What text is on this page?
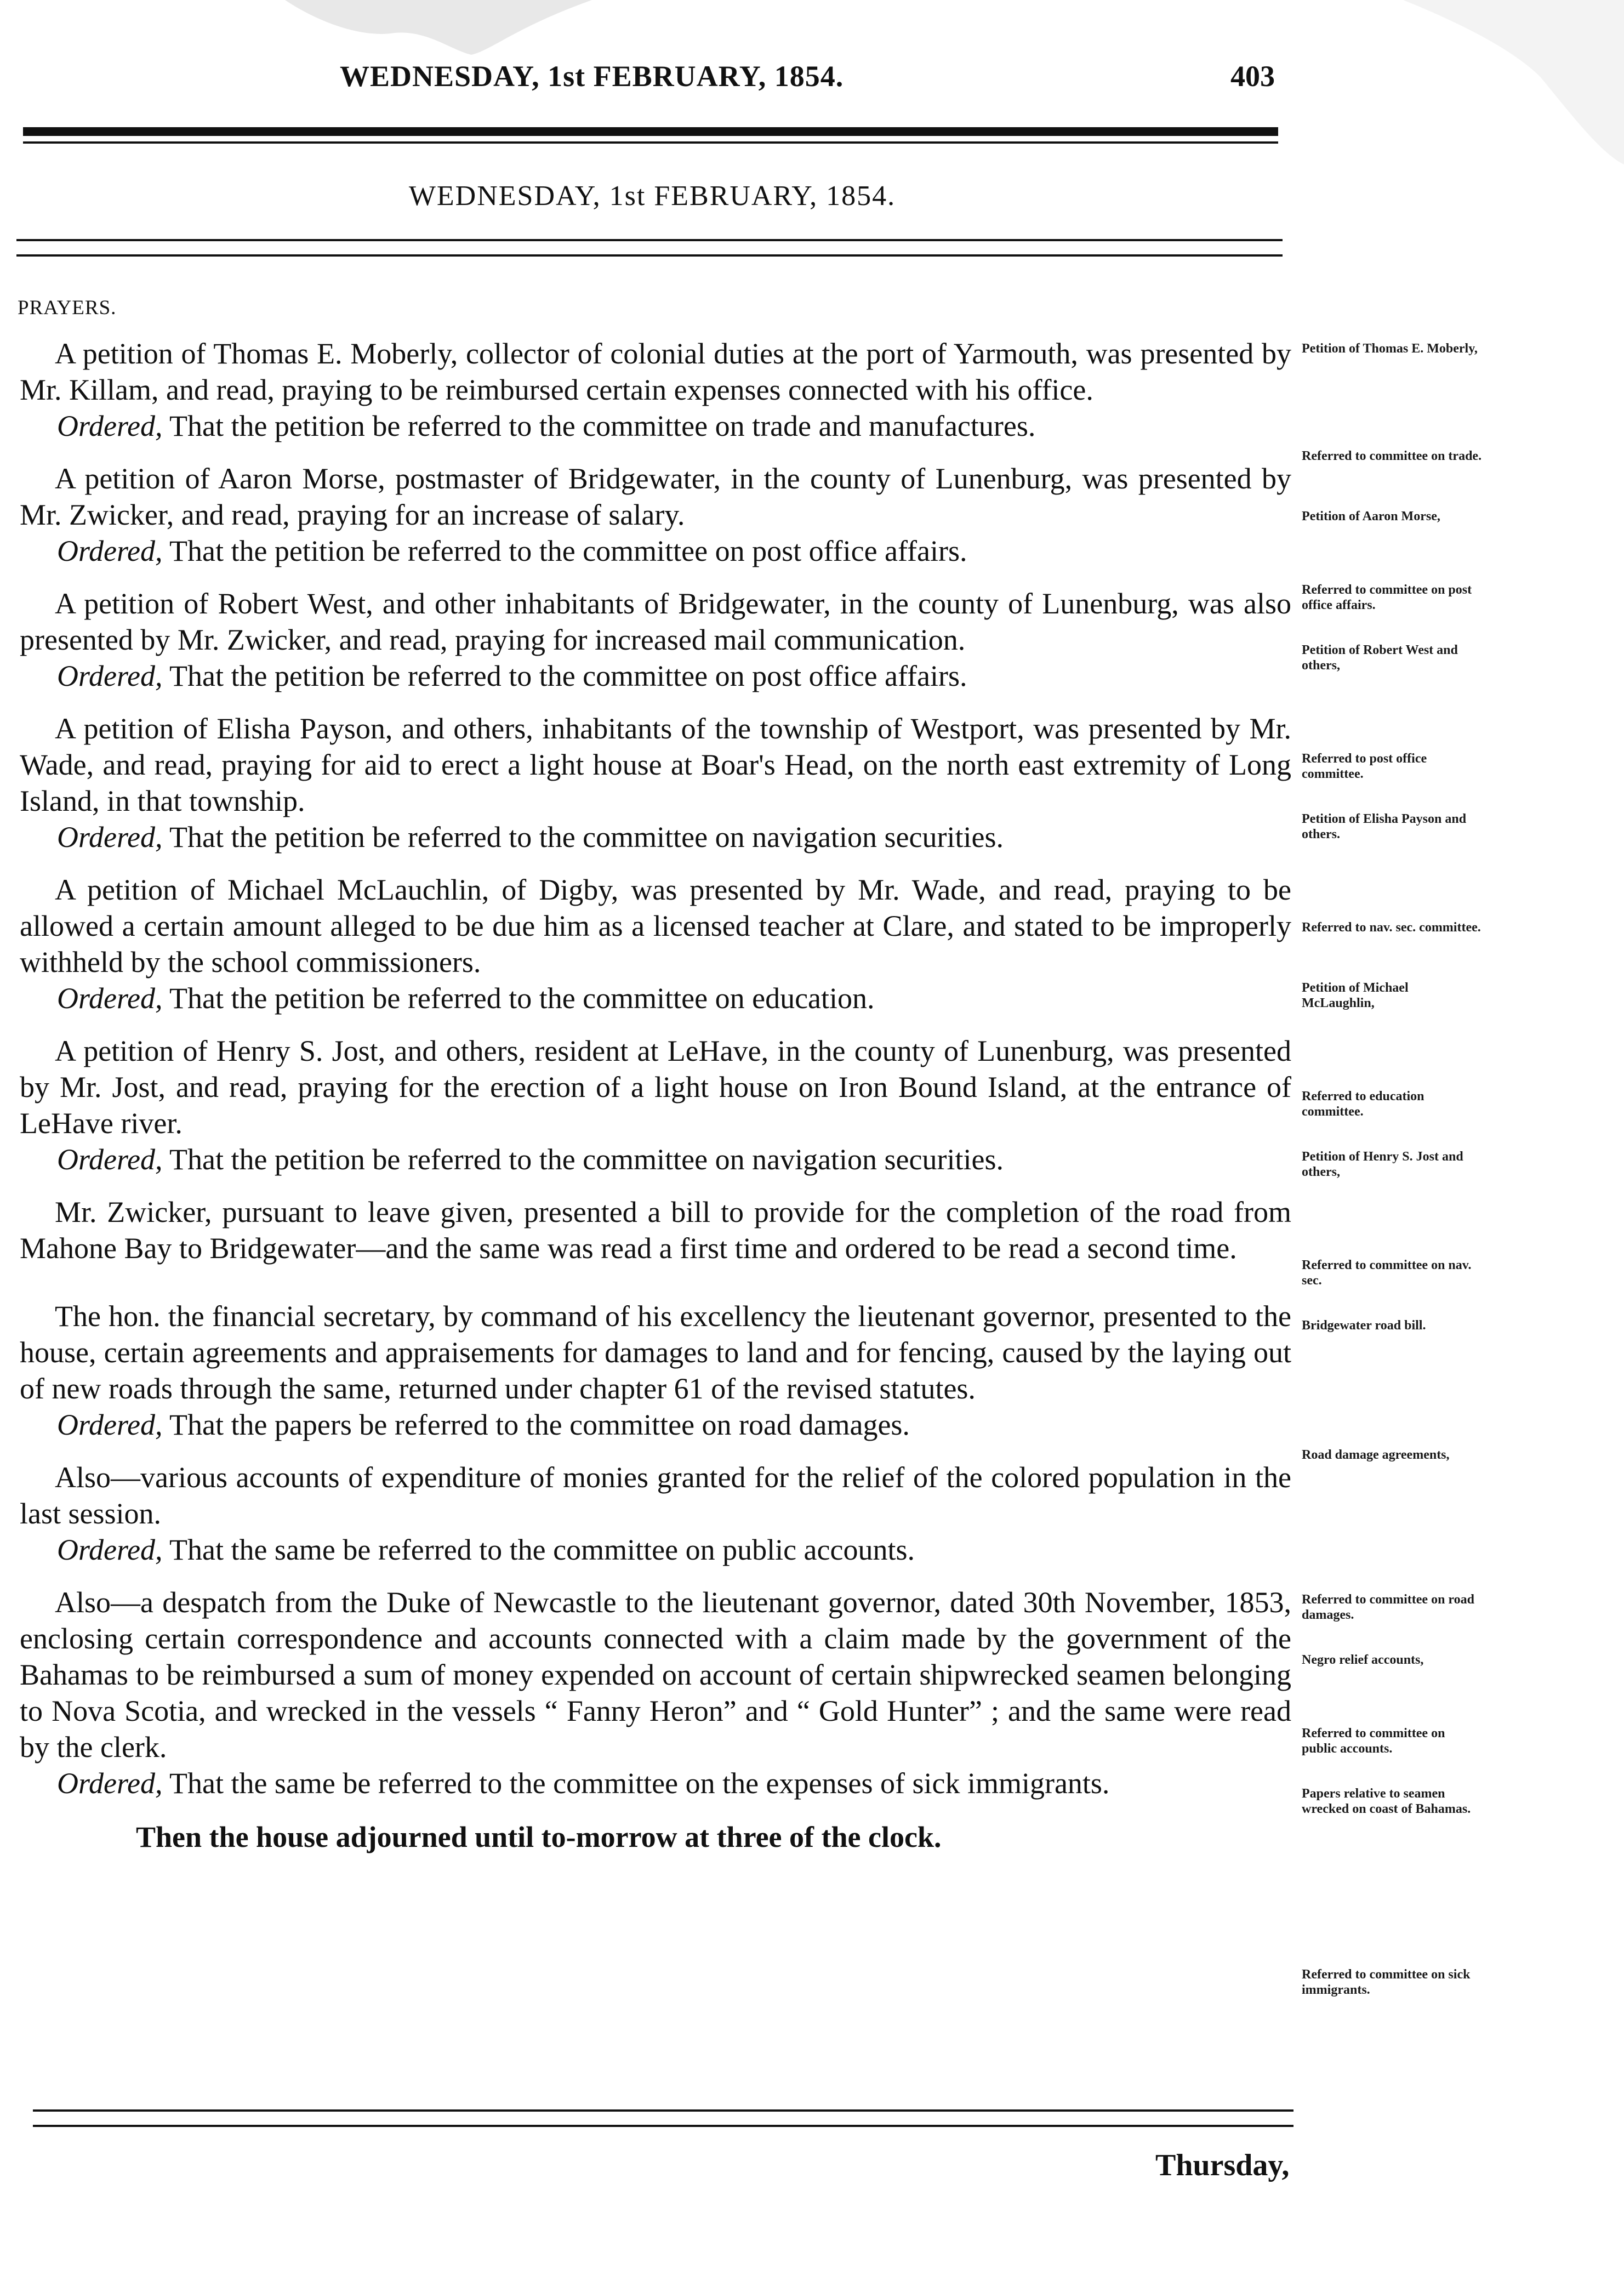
WEDNESDAY, 1st FEBRUARY, 1854.	403
WEDNESDAY, 1st FEBRUARY, 1854.
PRAYERS.

A petition of Thomas E. Moberly, collector of colonial duties at the port of Yarmouth, was presented by Mr. Killam, and read, praying to be reimbursed certain expenses connected with his office.

Ordered, That the petition be referred to the committee on trade and manufactures.

A petition of Aaron Morse, postmaster of Bridgewater, in the county of Lunenburg, was presented by Mr. Zwicker, and read, praying for an increase of salary.

Ordered, That the petition be referred to the committee on post office affairs.

A petition of Robert West, and other inhabitants of Bridgewater, in the county of Lunenburg, was also presented by Mr. Zwicker, and read, praying for increased mail communication.

Ordered, That the petition be referred to the committee on post office affairs.

A petition of Elisha Payson, and others, inhabitants of the township of Westport, was presented by Mr. Wade, and read, praying for aid to erect a light house at Boar's Head, on the north east extremity of Long Island, in that township.

Ordered, That the petition be referred to the committee on navigation securities.

A petition of Michael McLauchlin, of Digby, was presented by Mr. Wade, and read, praying to be allowed a certain amount alleged to be due him as a licensed teacher at Clare, and stated to be improperly withheld by the school commissioners.

Ordered, That the petition be referred to the committee on education.

A petition of Henry S. Jost, and others, resident at LeHave, in the county of Lunenburg, was presented by Mr. Jost, and read, praying for the erection of a light house on Iron Bound Island, at the entrance of LeHave river.

Ordered, That the petition be referred to the committee on navigation securities.

Mr. Zwicker, pursuant to leave given, presented a bill to provide for the completion of the road from Mahone Bay to Bridgewater—and the same was read a first time and ordered to be read a second time.

The hon. the financial secretary, by command of his excellency the lieutenant governor, presented to the house, certain agreements and appraisements for damages to land and for fencing, caused by the laying out of new roads through the same, returned under chapter 61 of the revised statutes.

Ordered, That the papers be referred to the committee on road damages.

Also—various accounts of expenditure of monies granted for the relief of the colored population in the last session.

Ordered, That the same be referred to the committee on public accounts.

Also—a despatch from the Duke of Newcastle to the lieutenant governor, dated 30th November, 1853, enclosing certain correspondence and accounts connected with a claim made by the government of the Bahamas to be reimbursed a sum of money expended on account of certain shipwrecked seamen belonging to Nova Scotia, and wrecked in the vessels “ Fanny Heron” and “ Gold Hunter” ; and the same were read by the clerk.

Ordered, That the same be referred to the committee on the expenses of sick immigrants.

Then the house adjourned until to-morrow at three of the clock.

Petition of Thomas E. Moberly,
Referred to committee on trade.
Petition of Aaron Morse,
Referred to committee on post office affairs.
Petition of Robert West and others,
Referred to post office committee.
Petition of Elisha Payson and others.
Referred to nav. sec. committee.
Petition of Michael McLaughlin,
Referred to education committee.
Petition of Henry S. Jost and others,
Referred to committee on nav. sec.
Bridgewater road bill.
Road damage agreements,
Referred to committee on road damages.
Negro relief accounts,
Referred to committee on public accounts.
Papers relative to seamen wrecked on coast of Bahamas.
Referred to committee on sick immigrants.
Thursday,
